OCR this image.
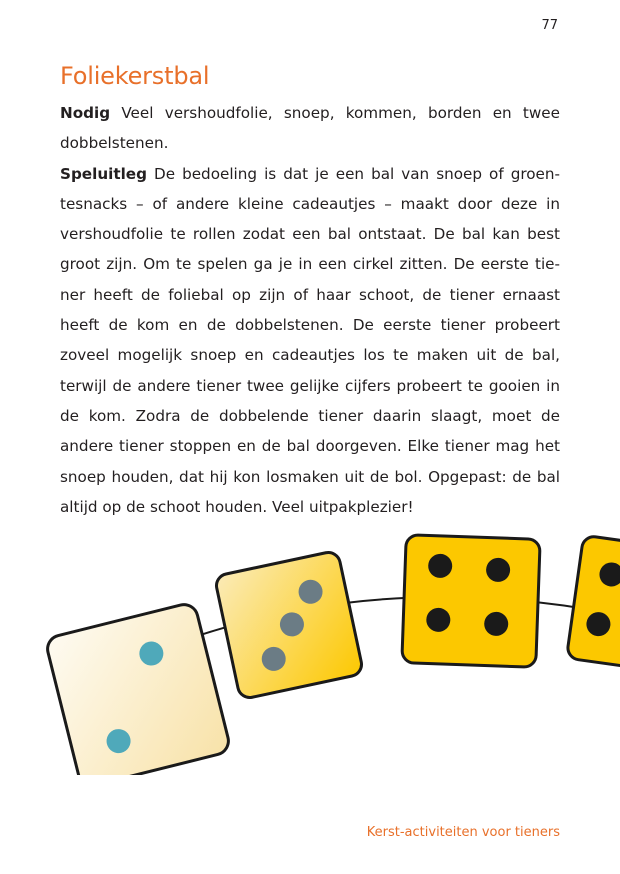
77
Foliekerstbal

Nodig Veel vershoudfolie, snoep, kommen, borden en twee dobbelstenen.

Speluitleg De bedoeling is dat je een bal van snoep of groentesnacks – of andere kleine cadeautjes – maakt door deze in vershoudfolie te rollen zodat een bal ontstaat. De bal kan best groot zijn. Om te spelen ga je in een cirkel zitten. De eerste tiener heeft de foliebal op zijn of haar schoot, de tiener ernaast heeft de kom en de dobbelstenen. De eerste tiener probeert zoveel mogelijk snoep en cadeautjes los te maken uit de bal, terwijl de andere tiener twee gelijke cijfers probeert te gooien in de kom. Zodra de dobbelende tiener daarin slaagt, moet de andere tiener stoppen en de bal doorgeven. Elke tiener mag het snoep houden, dat hij kon losmaken uit de bol. Opgepast: de bal altijd op de schoot houden. Veel uitpakplezier!

Kerst-activiteiten voor tieners
